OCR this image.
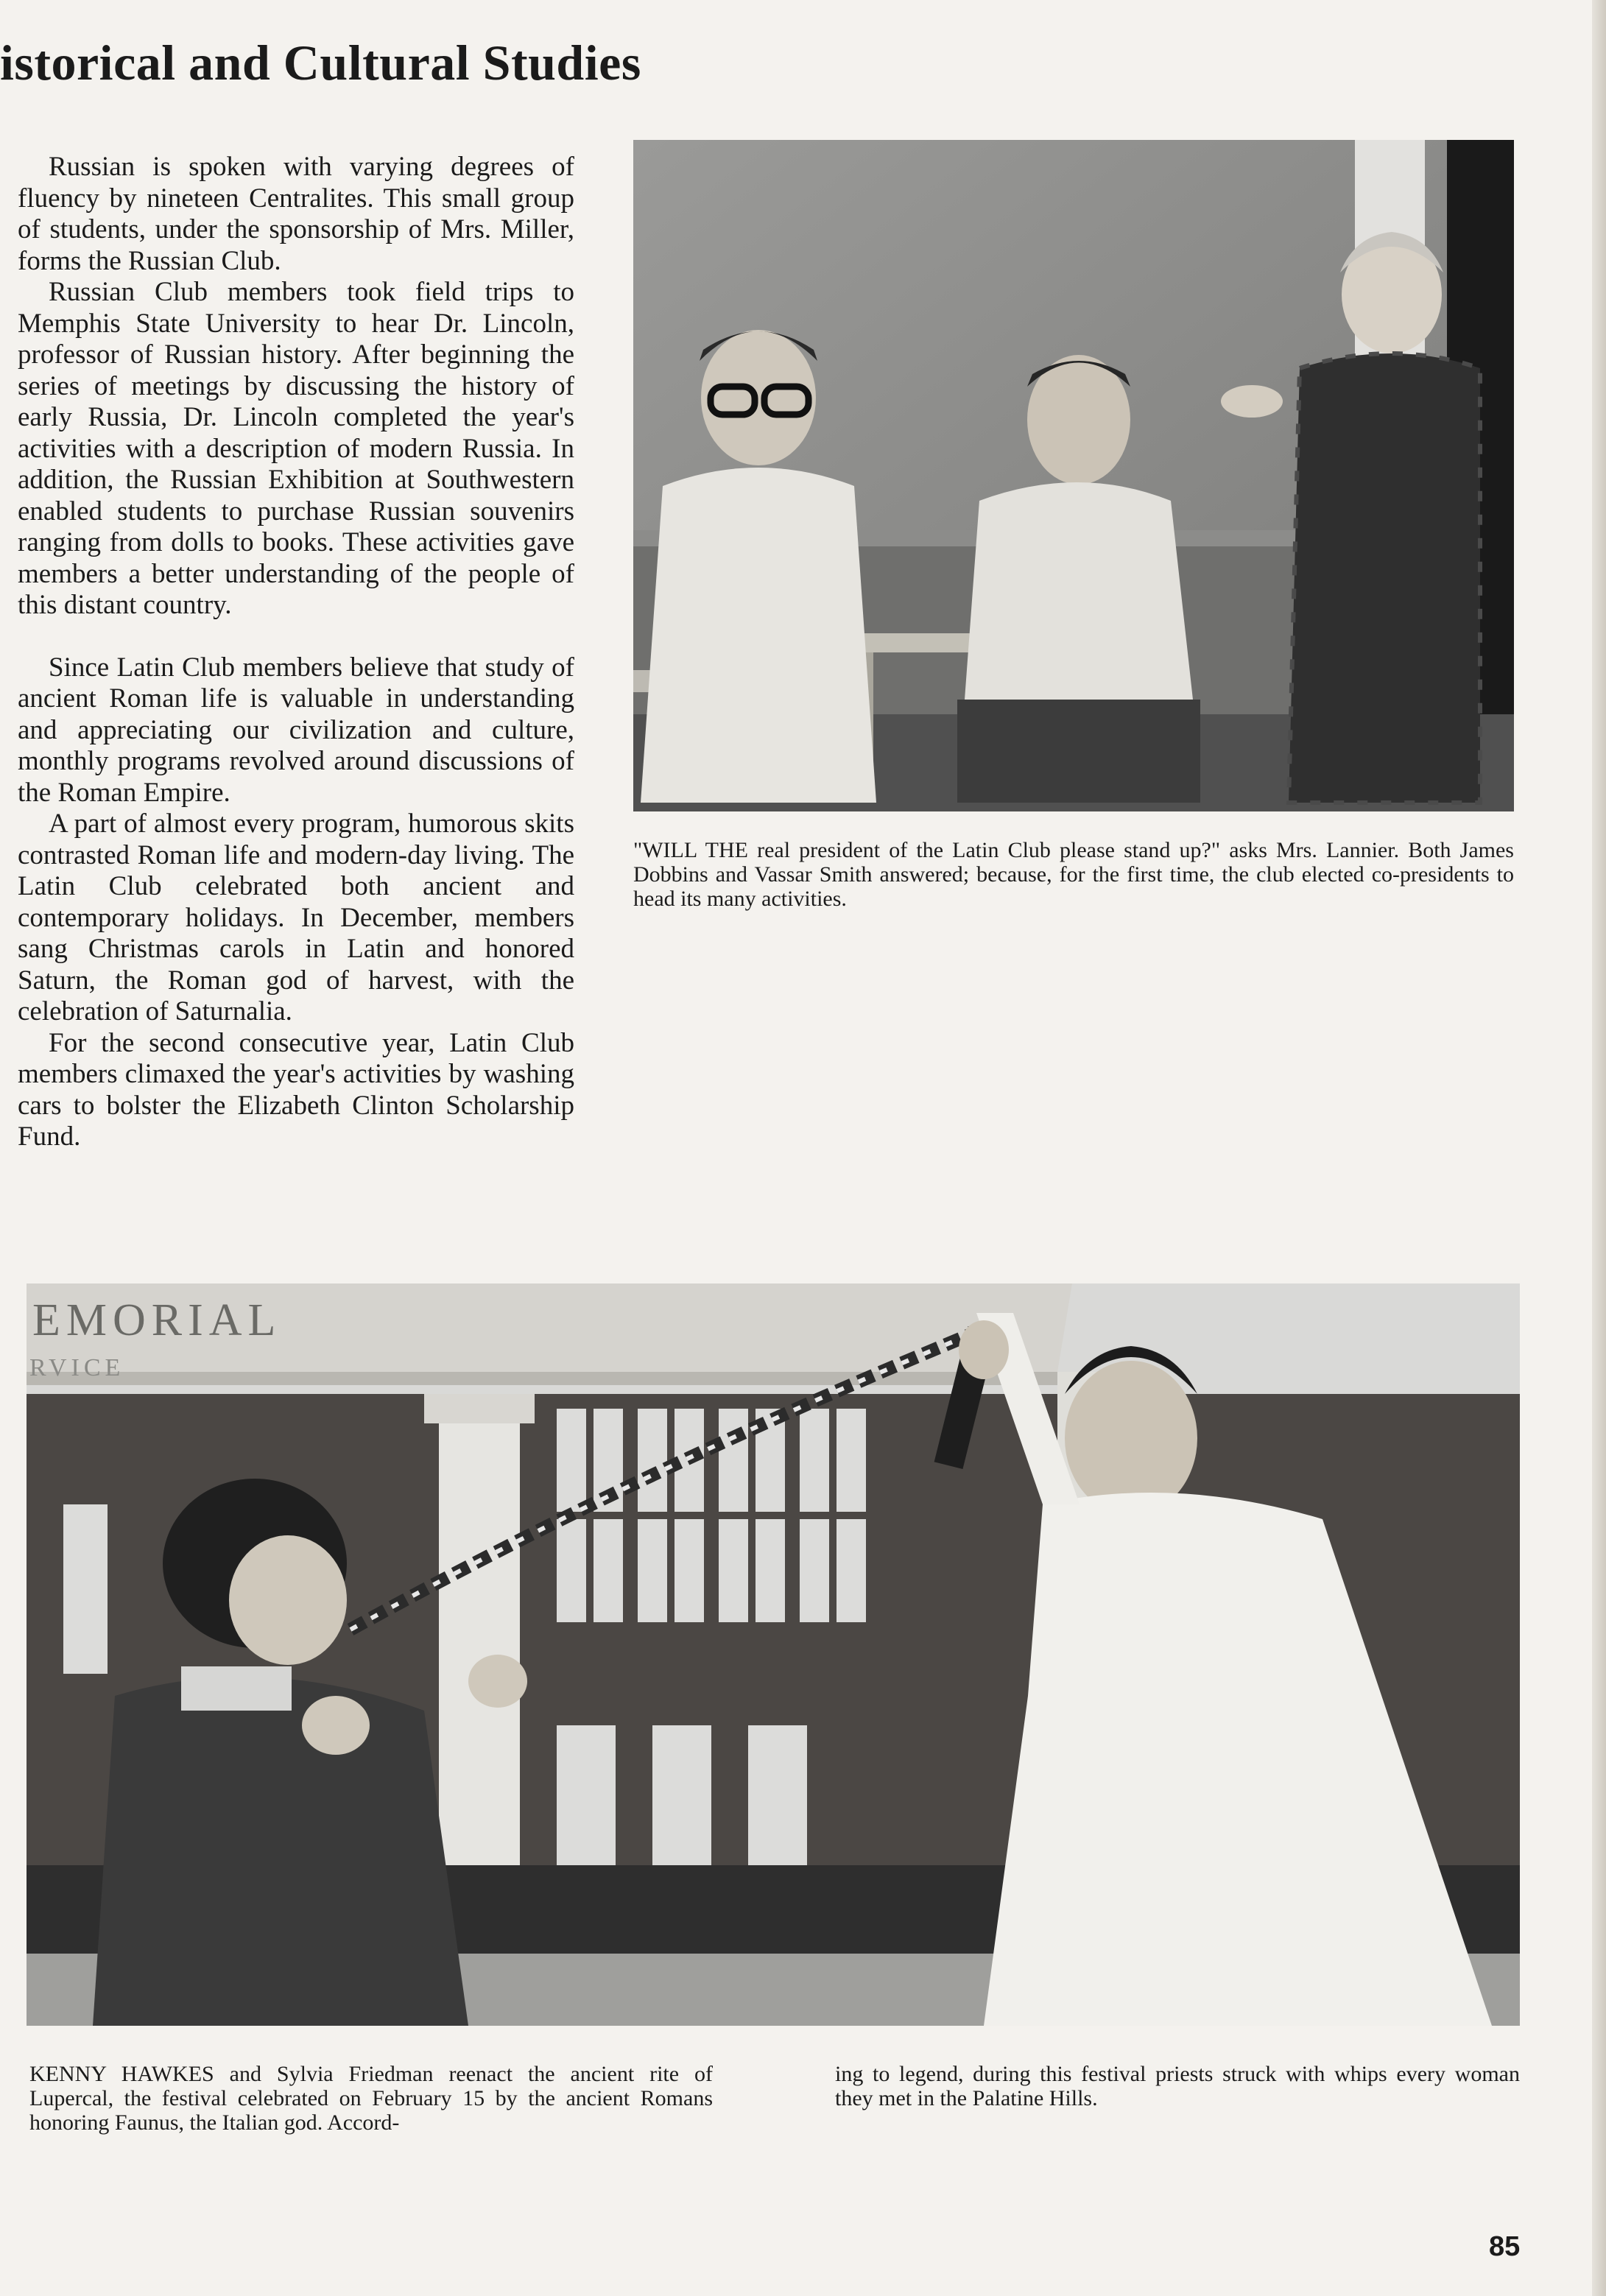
istorical and Cultural Studies

Russian is spoken with varying degrees of fluency by nineteen Centralites. This small group of students, under the sponsorship of Mrs. Miller, forms the Russian Club.

Russian Club members took field trips to Memphis State University to hear Dr. Lincoln, professor of Russian history. After beginning the series of meetings by discussing the history of early Russia, Dr. Lincoln completed the year's activities with a description of modern Russia. In addition, the Russian Exhibition at Southwestern enabled students to purchase Russian souvenirs ranging from dolls to books. These activities gave members a better understanding of the people of this distant country.

Since Latin Club members believe that study of ancient Roman life is valuable in understanding and appreciating our civilization and culture, monthly programs revolved around discussions of the Roman Empire.

A part of almost every program, humorous skits contrasted Roman life and modern-day living. The Latin Club celebrated both ancient and contemporary holidays. In December, members sang Christmas carols in Latin and honored Saturn, the Roman god of harvest, with the celebration of Saturnalia.

For the second consecutive year, Latin Club members climaxed the year's activities by washing cars to bolster the Elizabeth Clinton Scholarship Fund.

"WILL THE real president of the Latin Club please stand up?" asks Mrs. Lannier. Both James Dobbins and Vassar Smith answered; because, for the first time, the club elected co-presidents to head its many activities.
EMORIAL
RVICE
KENNY HAWKES and Sylvia Friedman reenact the ancient rite of Lupercal, the festival celebrated on February 15 by the ancient Romans honoring Faunus, the Italian god. Accord-
ing to legend, during this festival priests struck with whips every woman they met in the Palatine Hills.
85
